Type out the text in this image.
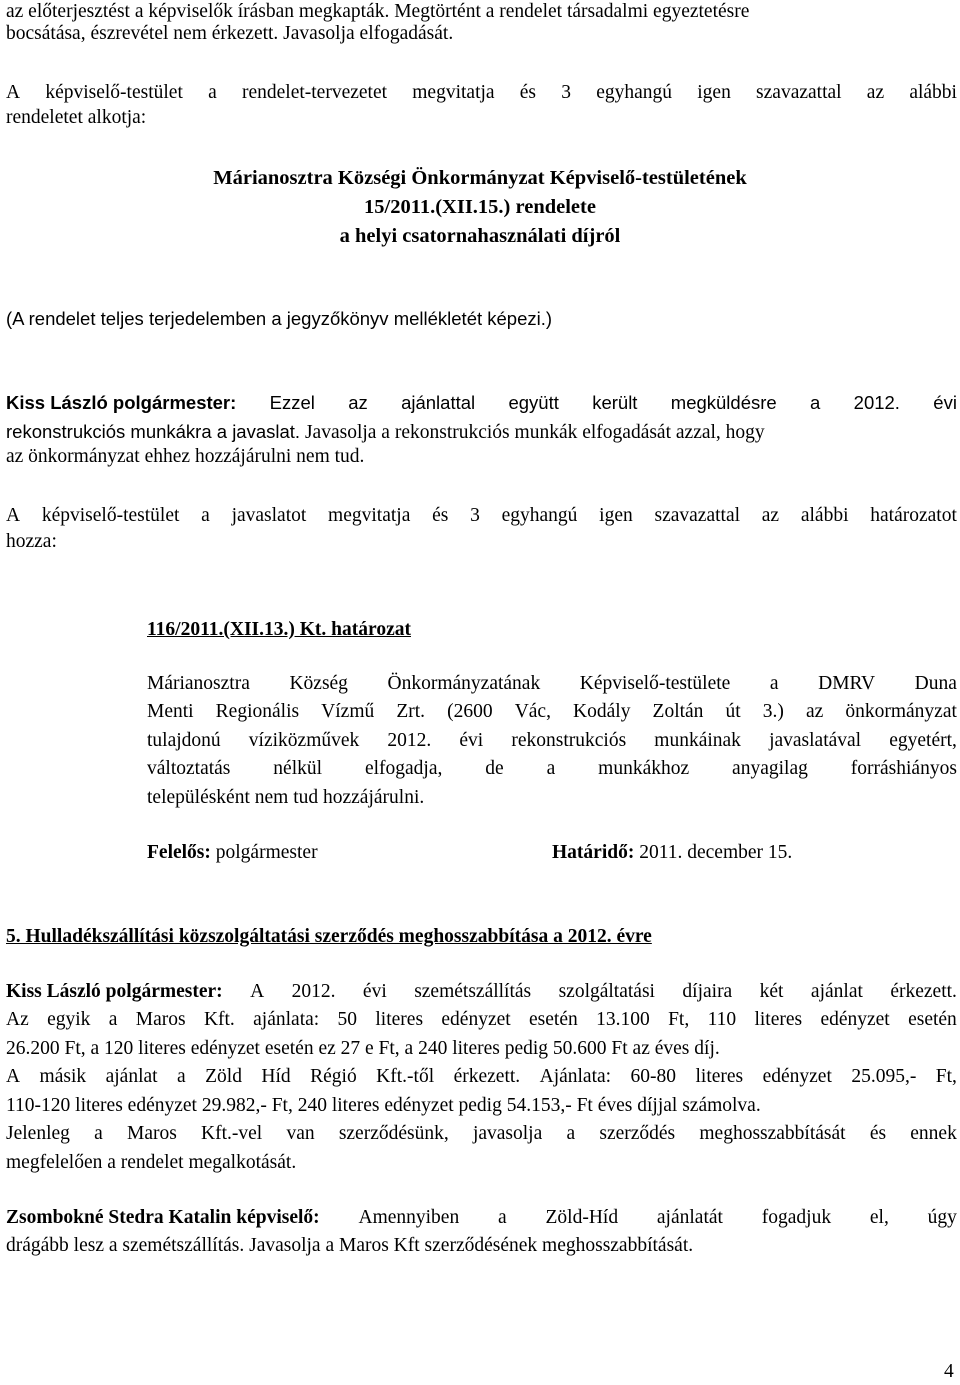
az előterjesztést a képviselők írásban megkapták. Megtörtént a rendelet társadalmi egyeztetésre
bocsátása, észrevétel nem érkezett. Javasolja elfogadását.
A képviselő-testület a rendelet-tervezetet megvitatja és 3 egyhangú igen szavazattal az alábbi
rendeletet alkotja:
Márianosztra Községi Önkormányzat Képviselő-testületének
15/2011.(XII.15.) rendelete
a helyi csatornahasználati díjról
(A rendelet teljes terjedelemben a jegyzőkönyv mellékletét képezi.)
Kiss László polgármester: Ezzel az ajánlattal együtt került megküldésre a 2012. évi
rekonstrukciós munkákra a javaslat. Javasolja a rekonstrukciós munkák elfogadását azzal, hogy
az önkormányzat ehhez hozzájárulni nem tud.
A képviselő-testület a javaslatot megvitatja és 3 egyhangú igen szavazattal az alábbi határozatot
hozza:
116/2011.(XII.13.) Kt. határozat
Márianosztra Község Önkormányzatának Képviselő-testülete a DMRV Duna
Menti Regionális Vízmű Zrt. (2600 Vác, Kodály Zoltán út 3.) az önkormányzat
tulajdonú víziközművek 2012. évi rekonstrukciós munkáinak javaslatával egyetért,
változtatás nélkül elfogadja, de a munkákhoz anyagilag forráshiányos
településként nem tud hozzájárulni.
Felelős: polgármester	Határidő: 2011. december 15.
5. Hulladékszállítási közszolgáltatási szerződés meghosszabbítása a 2012. évre
Kiss László polgármester: A 2012. évi szemétszállítás szolgáltatási díjaira két ajánlat érkezett.
Az egyik a Maros Kft. ajánlata: 50 literes edényzet esetén 13.100 Ft, 110 literes edényzet esetén
26.200 Ft, a 120 literes edényzet esetén ez 27 e Ft, a 240 literes pedig 50.600 Ft az éves díj.
A másik ajánlat a Zöld Híd Régió Kft.-től érkezett. Ajánlata: 60-80 literes edényzet 25.095,- Ft,
110-120 literes edényzet 29.982,- Ft, 240 literes edényzet pedig 54.153,- Ft éves díjjal számolva.
Jelenleg a Maros Kft.-vel van szerződésünk, javasolja a szerződés meghosszabbítását és ennek
megfelelően a rendelet megalkotását.
Zsombokné Stedra Katalin képviselő: Amennyiben a Zöld-Híd ajánlatát fogadjuk el, úgy
drágább lesz a szemétszállítás. Javasolja a Maros Kft szerződésének meghosszabbítását.
4
